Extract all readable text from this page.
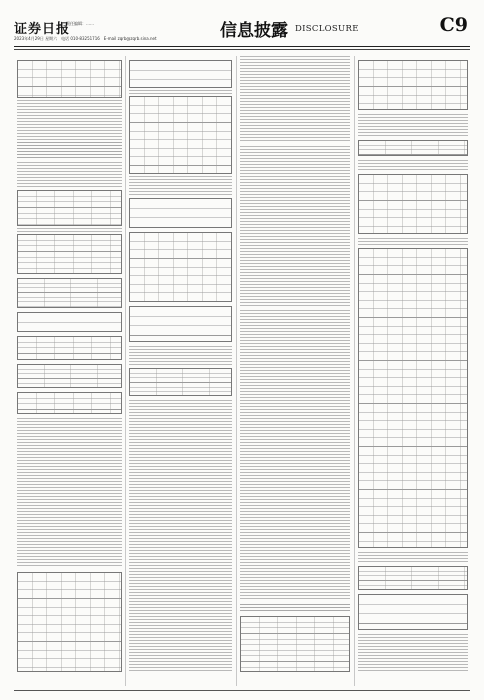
证券日报
责任编辑：……
2023年4月29日 星期六　电话 010-83251716　E-mail zqrb@zqrb.sina.net	信息披露 DISCLOSURE	C9
